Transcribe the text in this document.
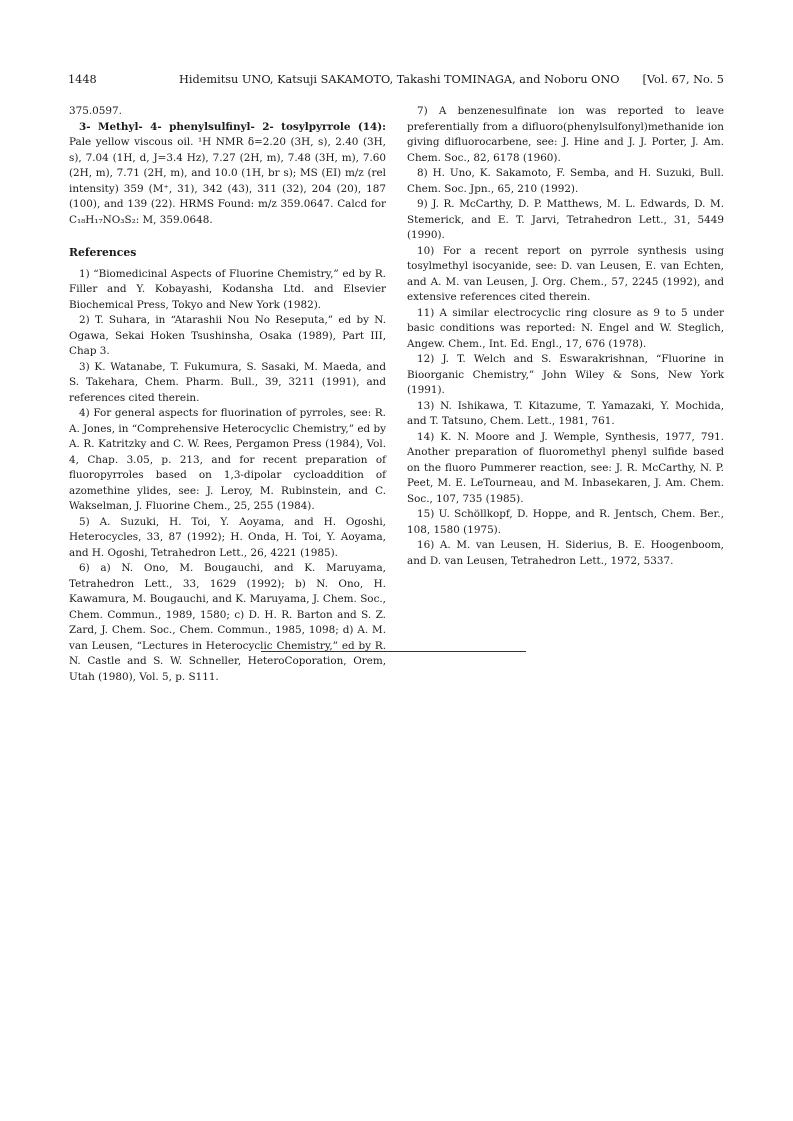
1448	Hidemitsu UNO, Katsuji SAKAMOTO, Takashi TOMINAGA, and Noboru ONO [Vol. 67, No. 5

375.0597.

3- Methyl- 4- phenylsulfinyl- 2- tosylpyrrole (14): Pale yellow viscous oil. ¹H NMR δ=2.20 (3H, s), 2.40 (3H, s), 7.04 (1H, d, J=3.4 Hz), 7.27 (2H, m), 7.48 (3H, m), 7.60 (2H, m), 7.71 (2H, m), and 10.0 (1H, br s); MS (EI) m/z (rel intensity) 359 (M⁺, 31), 342 (43), 311 (32), 204 (20), 187 (100), and 139 (22). HRMS Found: m/z 359.0647. Calcd for C₁₈H₁₇NO₃S₂: M, 359.0648.

References

1) “Biomedicinal Aspects of Fluorine Chemistry,” ed by R. Filler and Y. Kobayashi, Kodansha Ltd. and Elsevier Biochemical Press, Tokyo and New York (1982).

2) T. Suhara, in “Atarashii Nou No Reseputa,” ed by N. Ogawa, Sekai Hoken Tsushinsha, Osaka (1989), Part III, Chap 3.

3) K. Watanabe, T. Fukumura, S. Sasaki, M. Maeda, and S. Takehara, Chem. Pharm. Bull., 39, 3211 (1991), and references cited therein.

4) For general aspects for fluorination of pyrroles, see: R. A. Jones, in “Comprehensive Heterocyclic Chemistry,” ed by A. R. Katritzky and C. W. Rees, Pergamon Press (1984), Vol. 4, Chap. 3.05, p. 213, and for recent preparation of fluoropyrroles based on 1,3-dipolar cycloaddition of azomethine ylides, see: J. Leroy, M. Rubinstein, and C. Wakselman, J. Fluorine Chem., 25, 255 (1984).

5) A. Suzuki, H. Toi, Y. Aoyama, and H. Ogoshi, Heterocycles, 33, 87 (1992); H. Onda, H. Toi, Y. Aoyama, and H. Ogoshi, Tetrahedron Lett., 26, 4221 (1985).

6) a) N. Ono, M. Bougauchi, and K. Maruyama, Tetrahedron Lett., 33, 1629 (1992); b) N. Ono, H. Kawamura, M. Bougauchi, and K. Maruyama, J. Chem. Soc., Chem. Commun., 1989, 1580; c) D. H. R. Barton and S. Z. Zard, J. Chem. Soc., Chem. Commun., 1985, 1098; d) A. M. van Leusen, “Lectures in Heterocyclic Chemistry,” ed by R. N. Castle and S. W. Schneller, HeteroCoporation, Orem, Utah (1980), Vol. 5, p. S111.

7) A benzenesulfinate ion was reported to leave preferentially from a difluoro(phenylsulfonyl)methanide ion giving difluorocarbene, see: J. Hine and J. J. Porter, J. Am. Chem. Soc., 82, 6178 (1960).

8) H. Uno, K. Sakamoto, F. Semba, and H. Suzuki, Bull. Chem. Soc. Jpn., 65, 210 (1992).

9) J. R. McCarthy, D. P. Matthews, M. L. Edwards, D. M. Stemerick, and E. T. Jarvi, Tetrahedron Lett., 31, 5449 (1990).

10) For a recent report on pyrrole synthesis using tosylmethyl isocyanide, see: D. van Leusen, E. van Echten, and A. M. van Leusen, J. Org. Chem., 57, 2245 (1992), and extensive references cited therein.

11) A similar electrocyclic ring closure as 9 to 5 under basic conditions was reported: N. Engel and W. Steglich, Angew. Chem., Int. Ed. Engl., 17, 676 (1978).

12) J. T. Welch and S. Eswarakrishnan, “Fluorine in Bioorganic Chemistry,” John Wiley & Sons, New York (1991).

13) N. Ishikawa, T. Kitazume, T. Yamazaki, Y. Mochida, and T. Tatsuno, Chem. Lett., 1981, 761.

14) K. N. Moore and J. Wemple, Synthesis, 1977, 791. Another preparation of fluoromethyl phenyl sulfide based on the fluoro Pummerer reaction, see: J. R. McCarthy, N. P. Peet, M. E. LeTourneau, and M. Inbasekaren, J. Am. Chem. Soc., 107, 735 (1985).

15) U. Schöllkopf, D. Hoppe, and R. Jentsch, Chem. Ber., 108, 1580 (1975).

16) A. M. van Leusen, H. Siderius, B. E. Hoogenboom, and D. van Leusen, Tetrahedron Lett., 1972, 5337.
